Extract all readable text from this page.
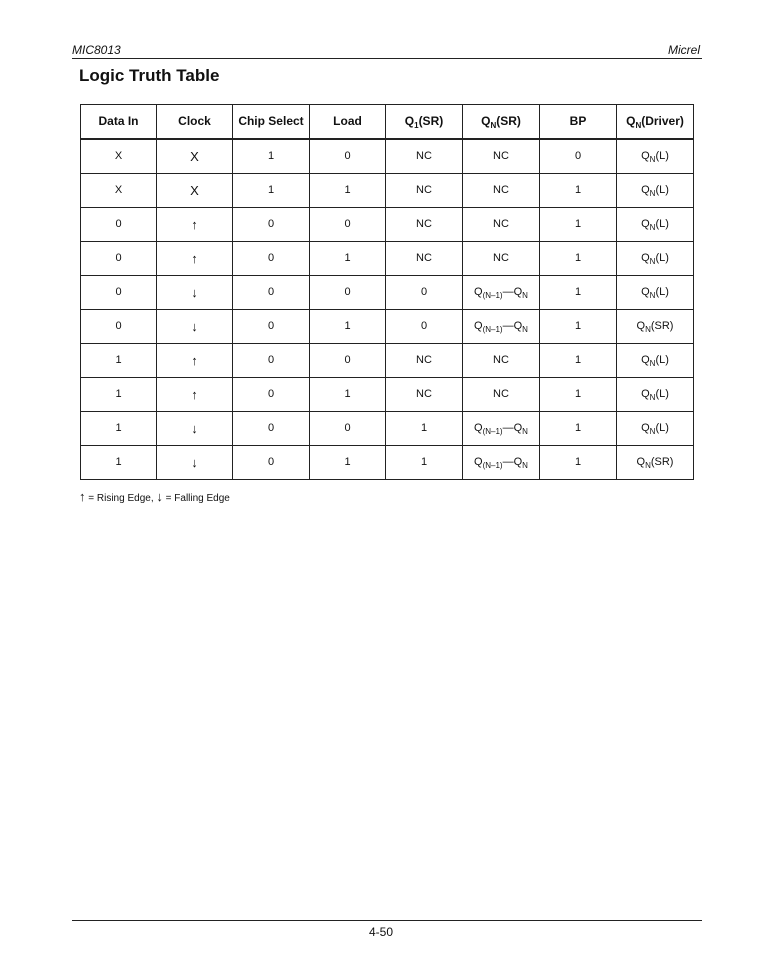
MIC8013	Micrel
Logic Truth Table
Data In	Clock	Chip Select	Load	$Q_1(SR)$	$Q_N(SR)$	BP	$Q_N(Driver)$
X	X	1	0	NC	NC	0	$Q_N(L)$
X	X	1	1	NC	NC	1	$Q_N(L)$
0	↑	0	0	NC	NC	1	$Q_N(L)$
0	↑	0	1	NC	NC	1	$Q_N(L)$
0	↓	0	0	0	$Q_{(N-1)}—Q_N$	1	$Q_N(L)$
0	↓	0	1	0	$Q_{(N-1)}—Q_N$	1	$Q_N(SR)$
1	↑	0	0	NC	NC	1	$Q_N(L)$
1	↑	0	1	NC	NC	1	$Q_N(L)$
1	↓	0	0	1	$Q_{(N-1)}—Q_N$	1	$Q_N(L)$
1	↓	0	1	1	$Q_{(N-1)}—Q_N$	1	$Q_N(SR)$
↑ = Rising Edge, ↓ = Falling Edge
4-50
